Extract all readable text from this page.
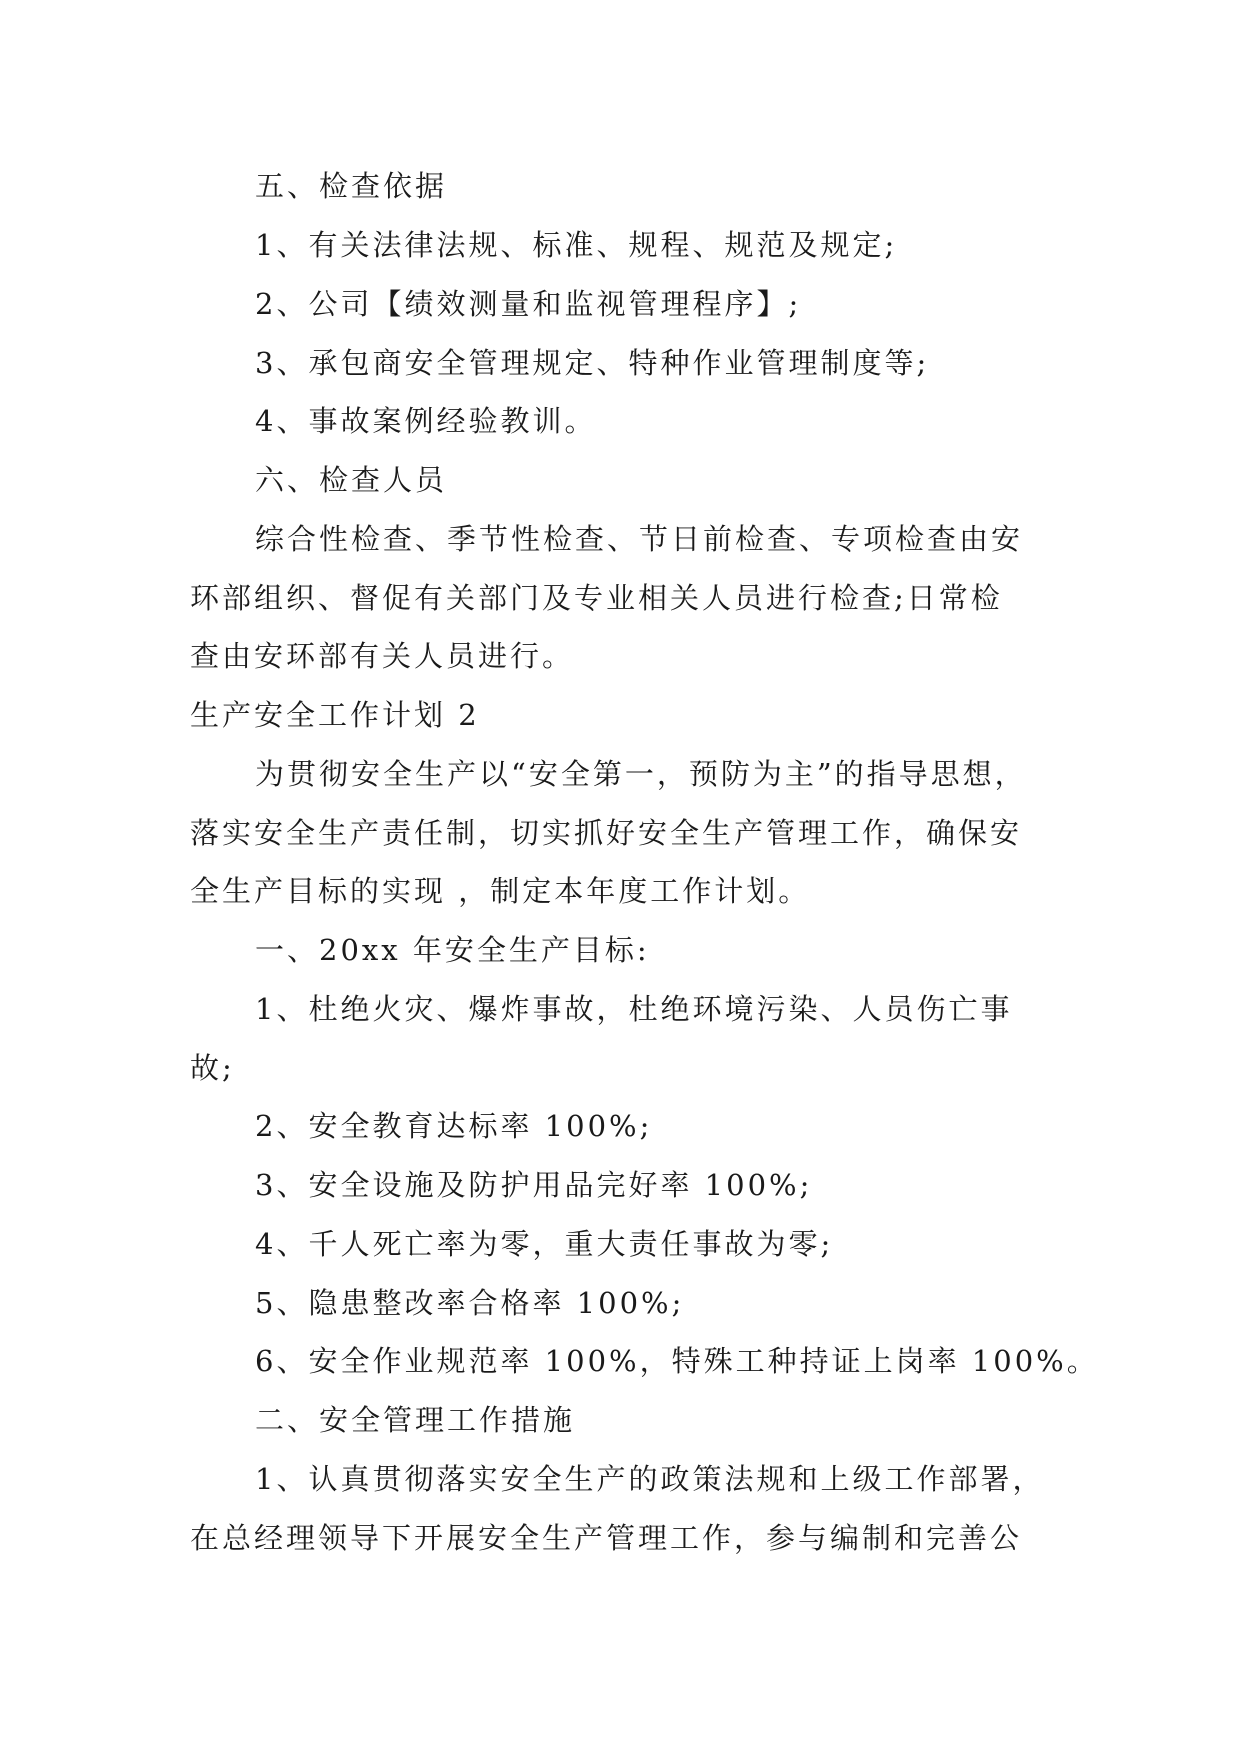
五、检查依据
1、有关法律法规、标准、规程、规范及规定;
2、公司【绩效测量和监视管理程序】;
3、承包商安全管理规定、特种作业管理制度等;
4、事故案例经验教训。
六、检查人员
综合性检查、季节性检查、节日前检查、专项检查由安
环部组织、督促有关部门及专业相关人员进行检查;日常检
查由安环部有关人员进行。
生产安全工作计划 2
为贯彻安全生产以“安全第一，预防为主”的指导思想，
落实安全生产责任制，切实抓好安全生产管理工作，确保安
全生产目标的实现 ，制定本年度工作计划。
一、20xx 年安全生产目标:
1、杜绝火灾、爆炸事故，杜绝环境污染、人员伤亡事
故;
2、安全教育达标率 100%;
3、安全设施及防护用品完好率 100%;
4、千人死亡率为零，重大责任事故为零;
5、隐患整改率合格率 100%;
6、安全作业规范率 100%，特殊工种持证上岗率 100%。
二、安全管理工作措施
1、认真贯彻落实安全生产的政策法规和上级工作部署，
在总经理领导下开展安全生产管理工作，参与编制和完善公
